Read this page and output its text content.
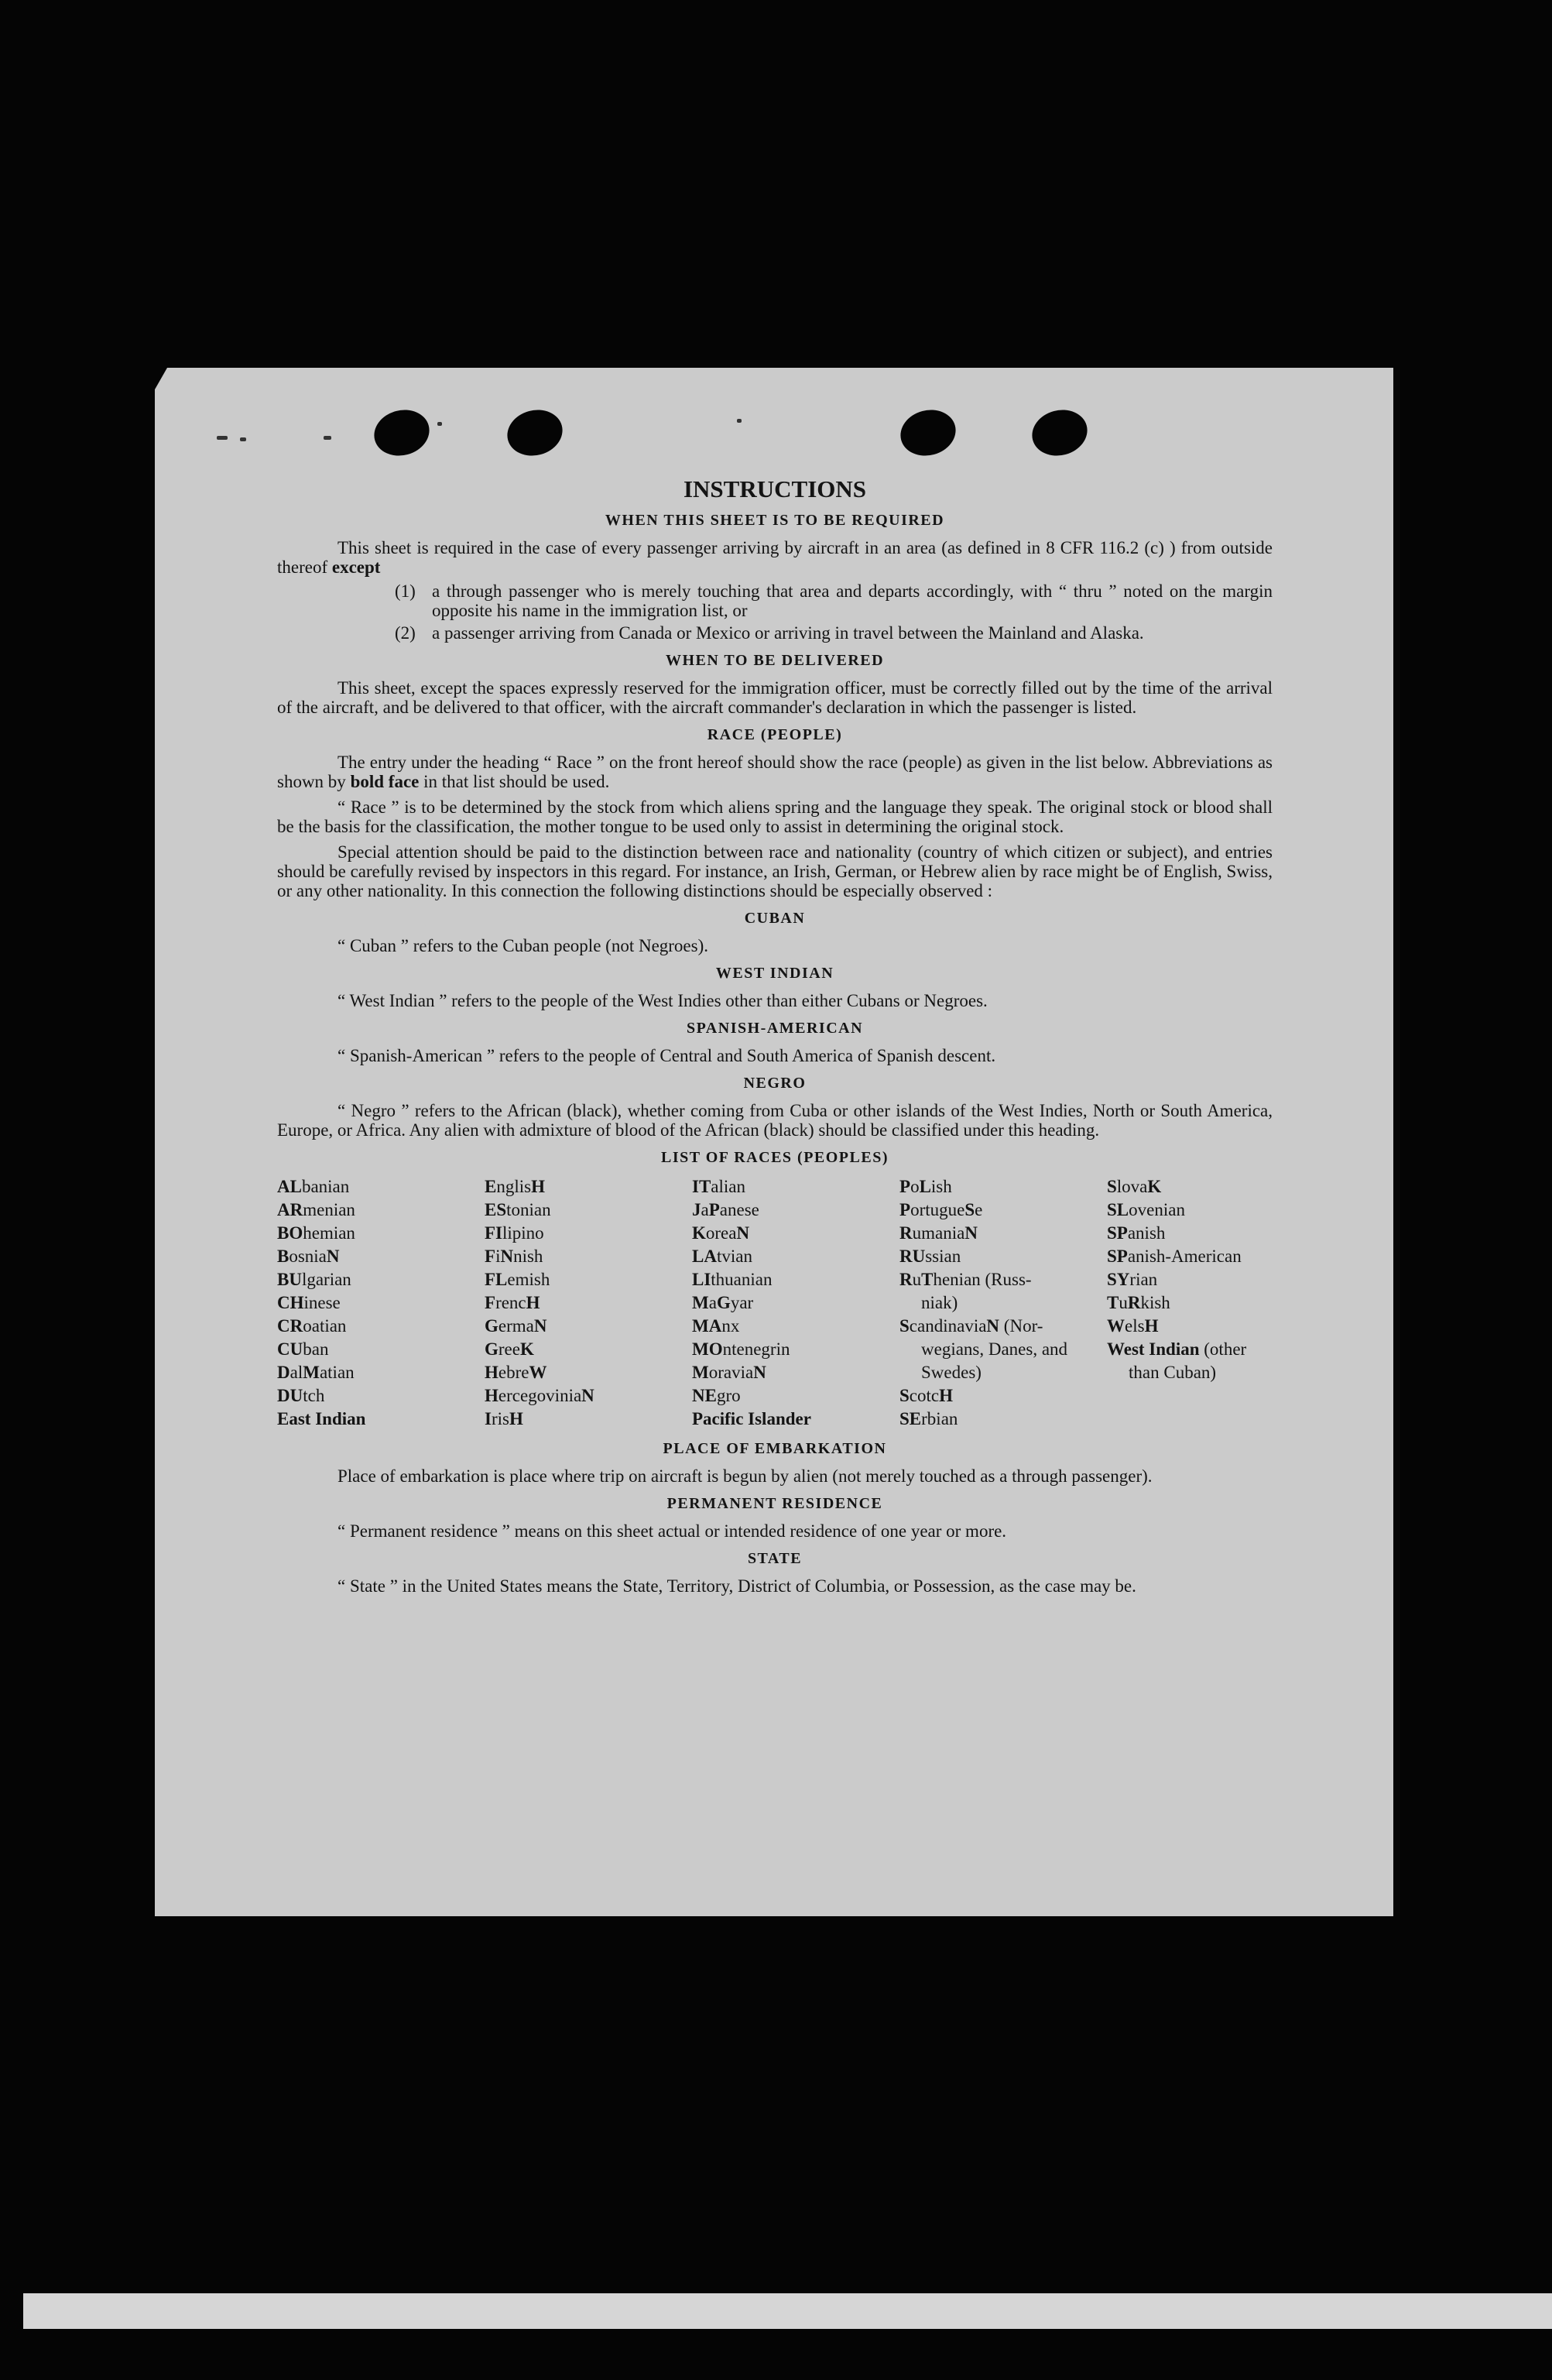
INSTRUCTIONS
WHEN THIS SHEET IS TO BE REQUIRED

This sheet is required in the case of every passenger arriving by aircraft in an area (as defined in 8 CFR 116.2 (c) ) from outside thereof except

(1) a through passenger who is merely touching that area and departs accordingly, with “ thru ” noted on the margin opposite his name in the immigration list, or
(2) a passenger arriving from Canada or Mexico or arriving in travel between the Mainland and Alaska.
WHEN TO BE DELIVERED

This sheet, except the spaces expressly reserved for the immigration officer, must be correctly filled out by the time of the arrival of the aircraft, and be delivered to that officer, with the aircraft commander's declaration in which the passenger is listed.

RACE (PEOPLE)

The entry under the heading “ Race ” on the front hereof should show the race (people) as given in the list below. Abbreviations as shown by bold face in that list should be used.

“ Race ” is to be determined by the stock from which aliens spring and the language they speak. The original stock or blood shall be the basis for the classification, the mother tongue to be used only to assist in determining the original stock.

Special attention should be paid to the distinction between race and nationality (country of which citizen or subject), and entries should be carefully revised by inspectors in this regard. For instance, an Irish, German, or Hebrew alien by race might be of English, Swiss, or any other nationality. In this connection the following distinctions should be especially observed :

CUBAN

“ Cuban ” refers to the Cuban people (not Negroes).

WEST INDIAN

“ West Indian ” refers to the people of the West Indies other than either Cubans or Negroes.

SPANISH-AMERICAN

“ Spanish-American ” refers to the people of Central and South America of Spanish descent.

NEGRO

“ Negro ” refers to the African (black), whether coming from Cuba or other islands of the West Indies, North or South America, Europe, or Africa. Any alien with admixture of blood of the African (black) should be classified under this heading.

LIST OF RACES (PEOPLES)
ALbanian
ARmenian
BOhemian
BosniaN
BUlgarian
CHinese
CRoatian
CUban
DalMatian
DUtch
East Indian
EnglisH
EStonian
FIlipino
FiNnish
FLemish
FrencH
GermaN
GreeK
HebreW
HercegoviniaN
IrisH
ITalian
JaPanese
KoreaN
LAtvian
LIthuanian
MaGyar
MAnx
MOntenegrin
MoraviaN
NEgro
Pacific Islander
PoLish
PortugueSe
RumaniaN
RUssian
RuThenian (Russ-
niak)
ScandinaviaN (Nor-
wegians, Danes, and Swedes)
ScotcH
SErbian
SlovaK
SLovenian
SPanish
SPanish-American
SYrian
TuRkish
WelsH
West Indian (other
than Cuban)
PLACE OF EMBARKATION

Place of embarkation is place where trip on aircraft is begun by alien (not merely touched as a through passenger).

PERMANENT RESIDENCE

“ Permanent residence ” means on this sheet actual or intended residence of one year or more.

STATE

“ State ” in the United States means the State, Territory, District of Columbia, or Possession, as the case may be.
